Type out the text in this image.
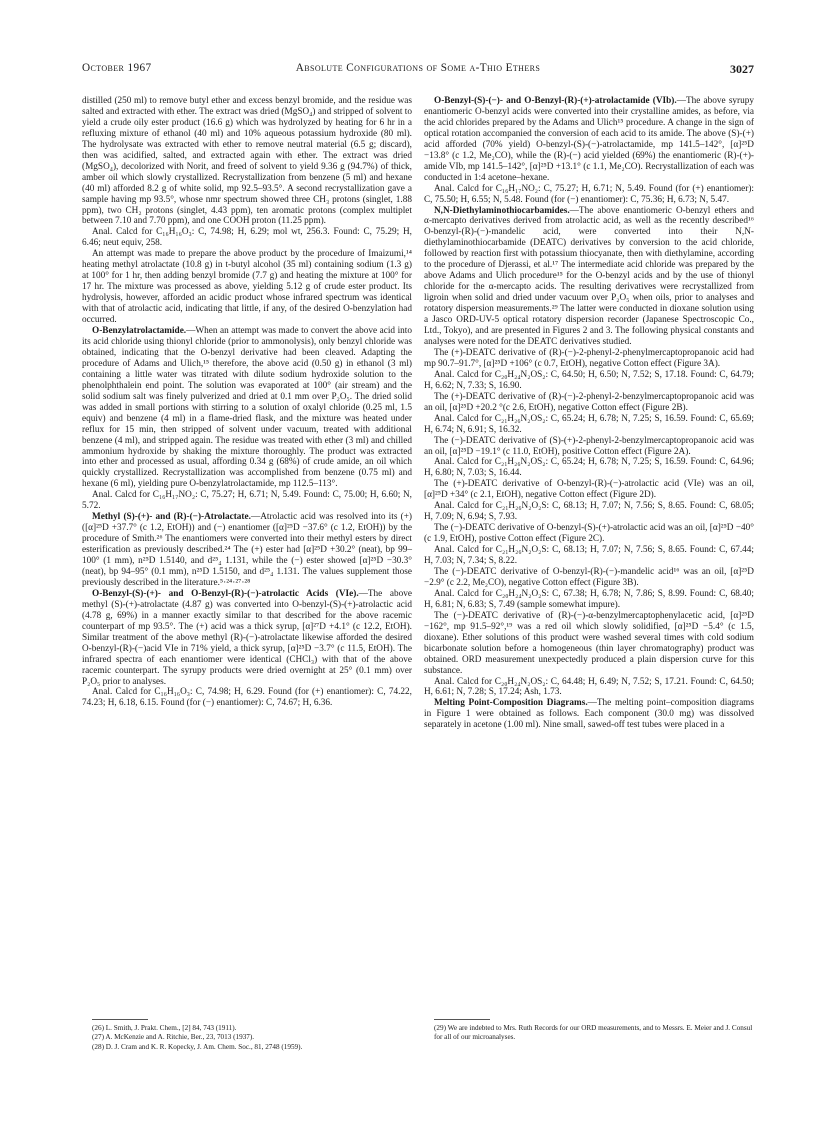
October 1967	Absolute Configurations of Some α-Thio Ethers	3027

distilled (250 ml) to remove butyl ether and excess benzyl bromide, and the residue was salted and extracted with ether. The extract was dried (MgSO₄) and stripped of solvent to yield a crude oily ester product (16.6 g) which was hydrolyzed by heating for 6 hr in a refluxing mixture of ethanol (40 ml) and 10% aqueous potassium hydroxide (80 ml). The hydrolysate was extracted with ether to remove neutral material (6.5 g; discard), then was acidified, salted, and extracted again with ether. The extract was dried (MgSO₄), decolorized with Norit, and freed of solvent to yield 9.36 g (94.7%) of thick, amber oil which slowly crystallized. Recrystallization from benzene (5 ml) and hexane (40 ml) afforded 8.2 g of white solid, mp 92.5–93.5°. A second recrystallization gave a sample having mp 93.5°, whose nmr spectrum showed three CH₃ protons (singlet, 1.88 ppm), two CH₂ protons (singlet, 4.43 ppm), ten aromatic protons (complex multiplet between 7.10 and 7.70 ppm), and one COOH proton (11.25 ppm).

Anal. Calcd for C₁₆H₁₆O₃: C, 74.98; H, 6.29; mol wt, 256.3. Found: C, 75.29; H, 6.46; neut equiv, 258.

An attempt was made to prepare the above product by the procedure of Imaizumi,¹⁴ heating methyl atrolactate (10.8 g) in t-butyl alcohol (35 ml) containing sodium (1.3 g) at 100° for 1 hr, then adding benzyl bromide (7.7 g) and heating the mixture at 100° for 17 hr. The mixture was processed as above, yielding 5.12 g of crude ester product. Its hydrolysis, however, afforded an acidic product whose infrared spectrum was identical with that of atrolactic acid, indicating that little, if any, of the desired O-benzylation had occurred.

O-Benzylatrolactamide.—When an attempt was made to convert the above acid into its acid chloride using thionyl chloride (prior to ammonolysis), only benzyl chloride was obtained, indicating that the O-benzyl derivative had been cleaved. Adapting the procedure of Adams and Ulich,¹⁵ therefore, the above acid (0.50 g) in ethanol (3 ml) containing a little water was titrated with dilute sodium hydroxide solution to the phenolphthalein end point. The solution was evaporated at 100° (air stream) and the solid sodium salt was finely pulverized and dried at 0.1 mm over P₂O₅. The dried solid was added in small portions with stirring to a solution of oxalyl chloride (0.25 ml, 1.5 equiv) and benzene (4 ml) in a flame-dried flask, and the mixture was heated under reflux for 15 min, then stripped of solvent under vacuum, treated with additional benzene (4 ml), and stripped again. The residue was treated with ether (3 ml) and chilled ammonium hydroxide by shaking the mixture thoroughly. The product was extracted into ether and processed as usual, affording 0.34 g (68%) of crude amide, an oil which quickly crystallized. Recrystallization was accomplished from benzene (0.75 ml) and hexane (6 ml), yielding pure O-benzylatrolactamide, mp 112.5–113°.

Anal. Calcd for C₁₆H₁₇NO₂: C, 75.27; H, 6.71; N, 5.49. Found: C, 75.00; H, 6.60; N, 5.72.

Methyl (S)-(+)- and (R)-(−)-Atrolactate.—Atrolactic acid was resolved into its (+) ([α]²⁵D +37.7° (c 1.2, EtOH)) and (−) enantiomer ([α]²⁵D −37.6° (c 1.2, EtOH)) by the procedure of Smith.²⁶ The enantiomers were converted into their methyl esters by direct esterification as previously described.²⁴ The (+) ester had [α]²⁵D +30.2° (neat), bp 99–100° (1 mm), n²⁵D 1.5140, and d²⁵₄ 1.131, while the (−) ester showed [α]²⁵D −30.3° (neat), bp 94–95° (0.1 mm), n²⁵D 1.5150, and d²⁵₄ 1.131. The values supplement those previously described in the literature.⁵·²⁴·²⁷·²⁸

O-Benzyl-(S)-(+)- and O-Benzyl-(R)-(−)-atrolactic Acids (VIe).—The above methyl (S)-(+)-atrolactate (4.87 g) was converted into O-benzyl-(S)-(+)-atrolactic acid (4.78 g, 69%) in a manner exactly similar to that described for the above racemic counterpart of mp 93.5°. The (+) acid was a thick syrup, [α]²⁷D +4.1° (c 12.2, EtOH). Similar treatment of the above methyl (R)-(−)-atrolactate likewise afforded the desired O-benzyl-(R)-(−)acid VIe in 71% yield, a thick syrup, [α]²⁵D −3.7° (c 11.5, EtOH). The infrared spectra of each enantiomer were identical (CHCl₃) with that of the above racemic counterpart. The syrupy products were dried overnight at 25° (0.1 mm) over P₂O₅ prior to analyses.

Anal. Calcd for C₁₆H₁₆O₃: C, 74.98; H, 6.29. Found (for (+) enantiomer): C, 74.22, 74.23; H, 6.18, 6.15. Found (for (−) enantiomer): C, 74.67; H, 6.36.

O-Benzyl-(S)-(−)- and O-Benzyl-(R)-(+)-atrolactamide (VIb).—The above syrupy enantiomeric O-benzyl acids were converted into their crystalline amides, as before, via the acid chlorides prepared by the Adams and Ulich¹⁵ procedure. A change in the sign of optical rotation accompanied the conversion of each acid to its amide. The above (S)-(+) acid afforded (70% yield) O-benzyl-(S)-(−)-atrolactamide, mp 141.5–142°, [α]²⁵D −13.8° (c 1.2, Me₂CO), while the (R)-(−) acid yielded (69%) the enantiomeric (R)-(+)-amide VIb, mp 141.5–142°, [α]²⁵D +13.1° (c 1.1, Me₂CO). Recrystallization of each was conducted in 1:4 acetone–hexane.

Anal. Calcd for C₁₆H₁₇NO₂: C, 75.27; H, 6.71; N, 5.49. Found (for (+) enantiomer): C, 75.50; H, 6.55; N, 5.48. Found (for (−) enantiomer): C, 75.36; H, 6.73; N, 5.47.

N,N-Diethylaminothiocarbamides.—The above enantiomeric O-benzyl ethers and α-mercapto derivatives derived from atrolactic acid, as well as the recently described¹⁶ O-benzyl-(R)-(−)-mandelic acid, were converted into their N,N-diethylaminothiocarbamide (DEATC) derivatives by conversion to the acid chloride, followed by reaction first with potassium thiocyanate, then with diethylamine, according to the procedure of Djerassi, et al.¹⁷ The intermediate acid chloride was prepared by the above Adams and Ulich procedure¹⁵ for the O-benzyl acids and by the use of thionyl chloride for the α-mercapto acids. The resulting derivatives were recrystallized from ligroin when solid and dried under vacuum over P₂O₅ when oils, prior to analyses and rotatory dispersion measurements.²⁹ The latter were conducted in dioxane solution using a Jasco ORD-UV-5 optical rotatory dispersion recorder (Japanese Spectroscopic Co., Ltd., Tokyo), and are presented in Figures 2 and 3. The following physical constants and analyses were noted for the DEATC derivatives studied.

The (+)-DEATC derivative of (R)-(−)-2-phenyl-2-phenylmercaptopropanoic acid had mp 90.7–91.7°, [α]²⁵D +106° (c 0.7, EtOH), negative Cotton effect (Figure 3A).

Anal. Calcd for C₂₀H₂₄N₂OS₂: C, 64.50; H, 6.50; N, 7.52; S, 17.18. Found: C, 64.79; H, 6.62; N, 7.33; S, 16.90.

The (+)-DEATC derivative of (R)-(−)-2-phenyl-2-benzylmercaptopropanoic acid was an oil, [α]²⁵D +20.2 °(c 2.6, EtOH), negative Cotton effect (Figure 2B).

Anal. Calcd for C₂₁H₂₆N₂OS₂: C, 65.24; H, 6.78; N, 7.25; S, 16.59. Found: C, 65.69; H, 6.74; N, 6.91; S, 16.32.

The (−)-DEATC derivative of (S)-(+)-2-phenyl-2-benzylmercaptopropanoic acid was an oil, [α]²⁵D −19.1° (c 11.0, EtOH), positive Cotton effect (Figure 2A).

Anal. Calcd for C₂₁H₂₆N₂OS₂: C, 65.24; H, 6.78; N, 7.25; S, 16.59. Found: C, 64.96; H, 6.80; N, 7.03; S, 16.44.

The (+)-DEATC derivative of O-benzyl-(R)-(−)-atrolactic acid (VIe) was an oil, [α]²⁵D +34° (c 2.1, EtOH), negative Cotton effect (Figure 2D).

Anal. Calcd for C₂₁H₂₆N₂O₂S: C, 68.13; H, 7.07; N, 7.56; S, 8.65. Found: C, 68.05; H, 7.09; N, 6.94; S, 7.93.

The (−)-DEATC derivative of O-benzyl-(S)-(+)-atrolactic acid was an oil, [α]²⁵D −40° (c 1.9, EtOH), postive Cotton effect (Figure 2C).

Anal. Calcd for C₂₁H₂₆N₂O₂S: C, 68.13; H, 7.07; N, 7.56; S, 8.65. Found: C, 67.44; H, 7.03; N, 7.34; S, 8.22.

The (−)-DEATC derivative of O-benzyl-(R)-(−)-mandelic acid¹⁶ was an oil, [α]²⁵D −2.9° (c 2.2, Me₂CO), negative Cotton effect (Figure 3B).

Anal. Calcd for C₂₀H₂₄N₂O₂S: C, 67.38; H, 6.78; N, 7.86; S, 8.99. Found: C, 68.40; H, 6.81; N, 6.83; S, 7.49 (sample somewhat impure).

The (−)-DEATC derivative of (R)-(−)-α-benzylmercaptophenylacetic acid, [α]²⁵D −162°, mp 91.5–92°,¹⁹ was a red oil which slowly solidified, [α]²⁵D −5.4° (c 1.5, dioxane). Ether solutions of this product were washed several times with cold sodium bicarbonate solution before a homogeneous (thin layer chromatography) product was obtained. ORD measurement unexpectedly produced a plain dispersion curve for this substance.

Anal. Calcd for C₂₀H₂₄N₂OS₂: C, 64.48; H, 6.49; N, 7.52; S, 17.21. Found: C, 64.50; H, 6.61; N, 7.28; S, 17.24; Ash, 1.73.

Melting Point-Composition Diagrams.—The melting point–composition diagrams in Figure 1 were obtained as follows. Each component (30.0 mg) was dissolved separately in acetone (1.00 ml). Nine small, sawed-off test tubes were placed in a

(26) L. Smith, J. Prakt. Chem., [2] 84, 743 (1911).
(27) A. McKenzie and A. Ritchie, Ber., 23, 7013 (1937).
(28) D. J. Cram and K. R. Kopecky, J. Am. Chem. Soc., 81, 2748 (1959).
(29) We are indebted to Mrs. Ruth Records for our ORD measurements, and to Messrs. E. Meier and J. Consul for all of our microanalyses.
